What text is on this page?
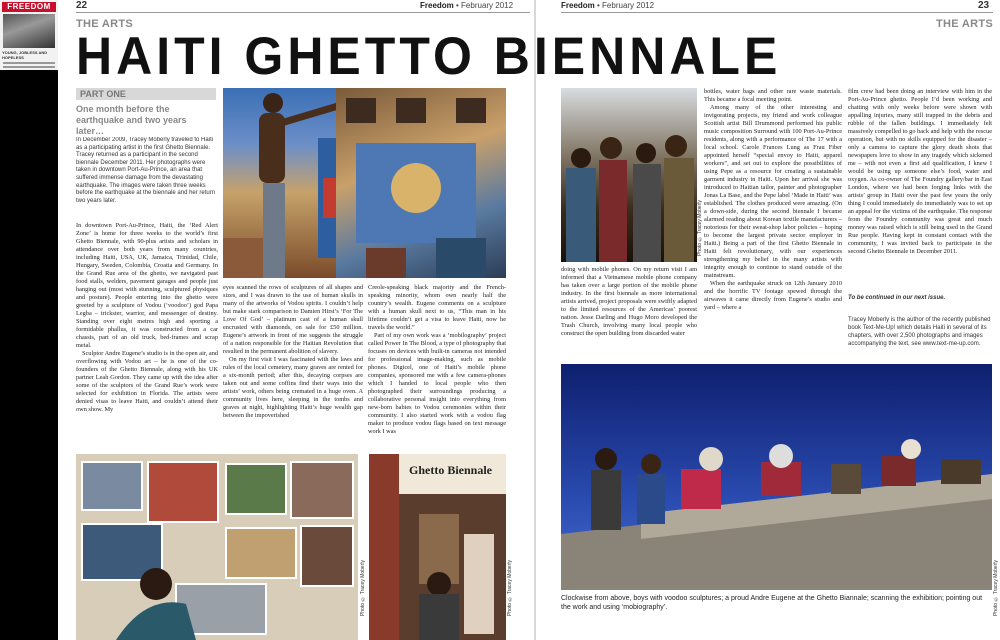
FREEDOM
YOUNG, JOBLESS AND HOPELESS
22	Freedom • February 2012	Freedom • February 2012	23
THE ARTS	THE ARTS
HAITI GHETTO BIENNALE
PART ONE
One month before the earthquake and two years later…
In December 2009, Tracey Moberly traveled to Haiti as a participating artist in the first Ghetto Biennale. Tracey returned as a participant in the second biennale December 2011. Her photographs were taken in downtown Port-Au-Prince, an area that suffered immense damage from the devastating earthquake. The images were taken three weeks before the earthquake at the biennale and her return two years later.

In downtown Port-Au-Prince, Haiti, the ‘Red Alert Zone’ is home for three weeks to the world’s first Ghetto Biennale, with 90-plus artists and scholars in attendance over both years from many countries, including Haiti, USA, UK, Jamaica, Trinidad, Chile, Hungary, Sweden, Colombia, Croatia and Germany. In the Grand Rue area of the ghetto, we navigated past food stalls, welders, pavement garages and people just hanging out (most with stunning, sculptured physiques and posture). People entering into the ghetto were greeted by a sculpture of Vodou (‘voodoo’) god Papa Legba – trickster, warrior, and messenger of destiny. Standing over eight metres high and sporting a formidable phallus, it was constructed from a car chassis, part of an old truck, bed-frames and scrap metal.

Sculptor Andre Eugene’s studio is in the open air, and overflowing with Vodou art – he is one of the co-founders of the Ghetto Biennale, along with his UK partner Leah Gordon. They came up with the idea after some of the sculptors of the Grand Rue’s work were selected for exhibition in Florida. The artists were denied visas to leave Haiti, and couldn’t attend their own show. My

eyes scanned the rows of sculptures of all shapes and sizes, and I was drawn to the use of human skulls in many of the artworks of Vodou spirits. I couldn’t help but make stark comparison to Damien Hirst’s ‘For The Love Of God’ – platinum cast of a human skull encrusted with diamonds, on sale for £50 million. Eugene’s artwork in front of me suggests the struggle of a nation responsible for the Haitian Revolution that resulted in the permanent abolition of slavery.

On my first visit I was fascinated with the laws and rules of the local cemetery, many graves are rented for a six-month period; after this, decaying corpses are taken out and some coffins find their ways into the artists’ work, others being cremated in a huge oven. A community lives here, sleeping in the tombs and graves at night, highlighting Haiti’s huge wealth gap between the impoverished

Creole-speaking black majority and the French-speaking minority, whom own nearly half the country’s wealth. Eugene comments on a sculpture with a human skull next to us, “This man in his lifetime couldn’t get a visa to leave Haiti, now he travels the world.”

Part of my own work was a ‘mobilography’ project called Power In The Blood, a type of photography that focuses on devices with built-in cameras not intended for professional image-making, such as mobile phones. Digicel, one of Haiti’s mobile phone companies, sponsored me with a few camera-phones which I handed to local people who then photographed their surroundings producing a collaborative personal insight into everything from new-born babies to Vodou ceremonies within their community. I also started work with a vodou flag maker to produce vodou flags based on text message work I was

Photo © Tracey Moberly
Ghetto Biennale
Photo © Tracey Moberly
Photo © Tracey Moberly

doing with mobile phones. On my return visit I am informed that a Vietnamese mobile phone company has taken over a large portion of the mobile phone industry. In the first biennale as more international artists arrived, project proposals were swiftly adapted to the limited resources of the Americas’ poorest nation. Jesse Darling and Hugo Moro developed the Trash Church, involving many local people who construct the open building from discarded water

bottles, water bags and other rare waste materials. This became a focal meeting point.

Among many of the other interesting and invigorating projects, my friend and work colleague Scottish artist Bill Drummond performed his public music composition Surround with 100 Port-Au-Prince residents, along with a performance of The 17 with a local school. Carole Frances Lung as Frau Fiber appointed herself “special envoy to Haiti, apparel workers”, and set out to explore the possibilities of using Pepe as a resource for creating a sustainable garment industry in Haiti. Upon her arrival she was introduced to Haitian tailor, painter and photographer Jonas La Base, and the Pepe label ‘Made in Haiti’ was established. The clothes produced were amazing. (On a down-side, during the second biennale I became alarmed reading about Korean textile manufacturers – notorious for their sweat-shop labor policies – hoping to become the largest private sector employer in Haiti.) Being a part of the first Ghetto Biennale in Haiti felt revolutionary, with our experiences strengthening my belief in the many artists with integrity enough to continue to stand outside of the mainstream.

When the earthquake struck on 12th January 2010 and the horrific TV footage spewed through the airwaves it came directly from Eugene’s studio and yard – where a

film crew had been doing an interview with him in the Port-Au-Prince ghetto. People I’d been working and chatting with only weeks before were shown with appalling injuries, many still trapped in the debris and rubble of the fallen buildings. I immediately felt massively compelled to go back and help with the rescue operation, but with no skills equipped for the disaster – only a camera to capture the glory death shots that newspapers love to show in any tragedy which sickened me – with not even a first aid qualification, I knew I would be using up someone else’s food, water and oxygen. As co-owner of The Foundry gallery/bar in East London, where we had been forging links with the artists’ group in Haiti over the past few years the only thing I could immediately do immediately was to set up an appeal for the victims of the earthquake. The response from the Foundry community was great and much money was raised which is still being used in the Grand Rue people. Having kept in constant contact with the community, I was invited back to participate in the second Ghetto Biennale in December 2011.

To be continued in our next issue.
Tracey Moberly is the author of the recently published book Text-Me-Up! which details Haiti in several of its chapters, with over 2,500 photographs and images accompanying the text, see www.text-me-up.com.
Photo © Tracey Moberly
Clockwise from above, boys with voodoo sculptures; a proud Andre Eugene at the Ghetto Biannale; scanning the exhibition; pointing out the work and using ‘mobiography’.
